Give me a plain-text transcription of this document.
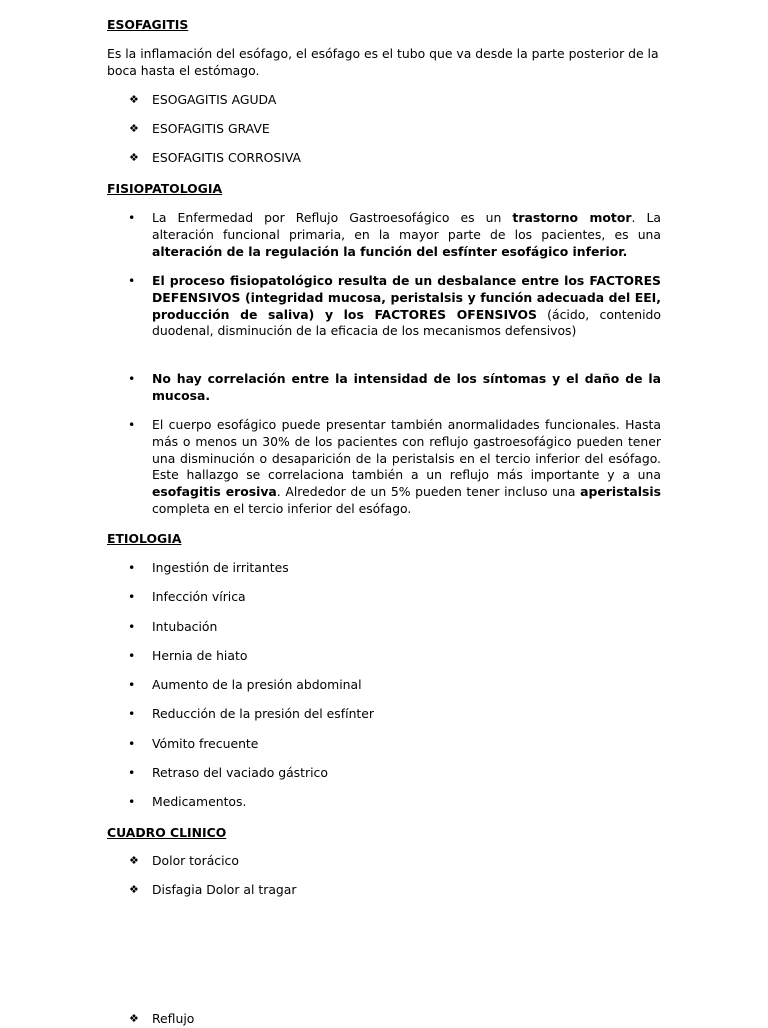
ESOFAGITIS

Es la inflamación del esófago, el esófago es el tubo que va desde la parte posterior de la boca hasta el estómago.

❖	ESOGAGITIS AGUDA
❖	ESOFAGITIS GRAVE
❖	ESOFAGITIS CORROSIVA

FISIOPATOLOGIA

•	La Enfermedad por Reflujo Gastroesofágico es un trastorno motor. La alteración funcional primaria, en la mayor parte de los pacientes, es una alteración de la regulación la función del esfínter esofágico inferior.
•	El proceso fisiopatológico resulta de un desbalance entre los FACTORES DEFENSIVOS (integridad mucosa, peristalsis y función adecuada del EEI, producción de saliva) y los FACTORES OFENSIVOS (ácido, contenido duodenal, disminución de la eficacia de los mecanismos defensivos)
•	No hay correlación entre la intensidad de los síntomas y el daño de la mucosa.
•	El cuerpo esofágico puede presentar también anormalidades funcionales. Hasta más o menos un 30% de los pacientes con reflujo gastroesofágico pueden tener una disminución o desaparición de la peristalsis en el tercio inferior del esófago. Este hallazgo se correlaciona también a un reflujo más importante y a una esofagitis erosiva. Alrededor de un 5% pueden tener incluso una aperistalsis completa en el tercio inferior del esófago.

ETIOLOGIA

•	Ingestión de irritantes
•	Infección vírica
•	Intubación
•	Hernia de hiato
•	Aumento de la presión abdominal
•	Reducción de la presión del esfínter
•	Vómito frecuente
•	Retraso del vaciado gástrico
•	Medicamentos.

CUADRO CLINICO

❖	Dolor torácico
❖	Disfagia Dolor al tragar
❖	Reflujo
